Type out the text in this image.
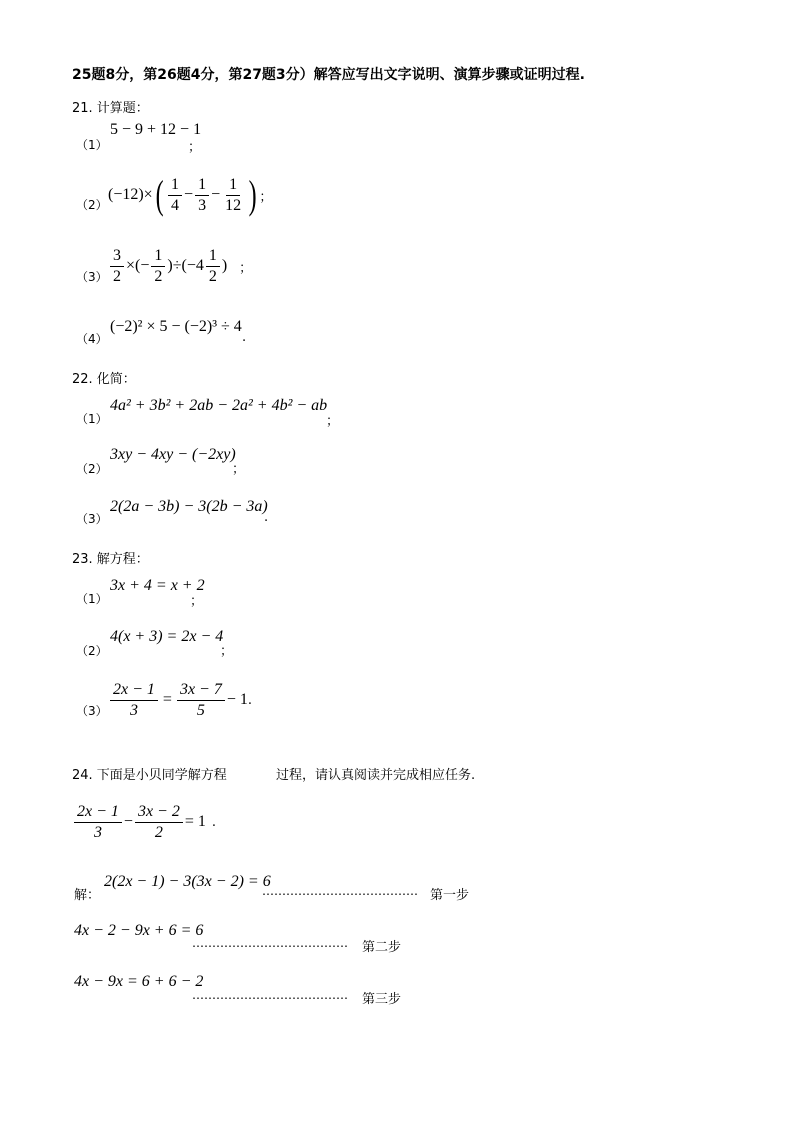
25题8分，第26题4分，第27题3分）解答应写出文字说明、演算步骤或证明过程.
21. 计算题：
（1）
5 − 9 + 12 − 1
；
（2）
(−12)× ( $\frac{1}{4} - \frac{1}{3} - \frac{1}{12}$ ) ；
$(3) \frac{3}{2}$ ×(− $\frac{1}{2} )\div(-4 \frac{1}{2}$ ) ；
（4）
(−2)² × 5 − (−2)³ ÷ 4
.
22. 化简：
（1）
4a² + 3b² + 2ab − 2a² + 4b² − ab
；
（2）
3xy − 4xy − (−2xy)
；
（3）
2(2a − 3b) − 3(2b − 3a)
.
23. 解方程：
（1）
3x + 4 = x + 2
；
（2）
4(x + 3) = 2x − 4
；
$(3) \frac{2x - 1}{3} = \frac{3x - 7}{5} - 1$ .
24. 下面是小贝同学解方程	过程，请认真阅读并完成相应任务.
$\frac{2x - 1}{3} - \frac{3x - 2}{2} = 1$ .
解：
2(2x − 1) − 3(3x − 2) = 6
………………………………… 第一步
4x − 2 − 9x + 6 = 6
………………………………… 第二步
4x − 9x = 6 + 6 − 2
………………………………… 第三步
